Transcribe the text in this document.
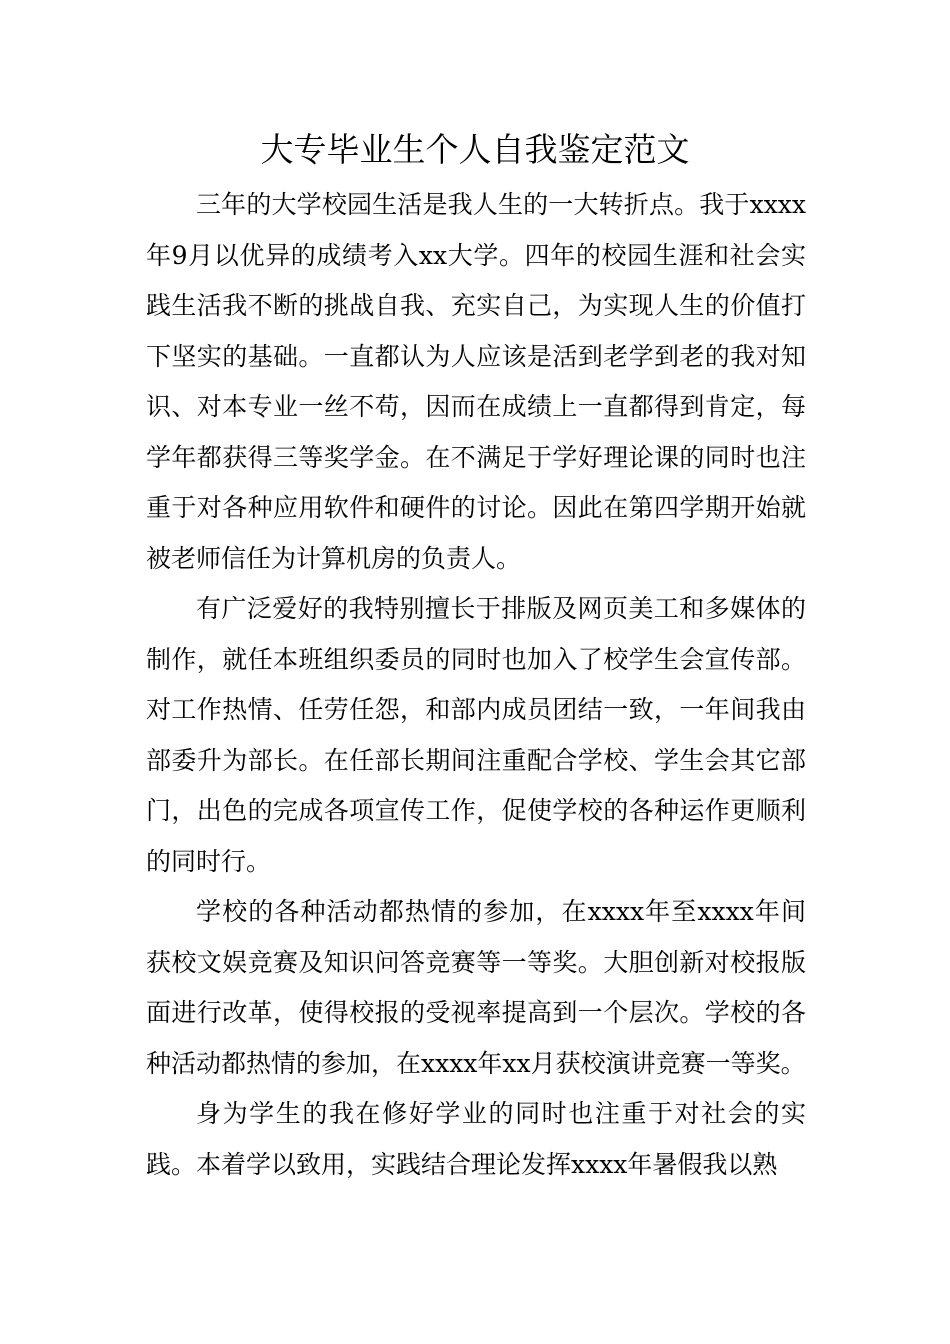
大专毕业生个人自我鉴定范文

三年的大学校园生活是我人生的一大转折点。我于xxxx年9月以优异的成绩考入xx大学。四年的校园生涯和社会实践生活我不断的挑战自我、充实自己，为实现人生的价值打下坚实的基础。一直都认为人应该是活到老学到老的我对知识、对本专业一丝不苟，因而在成绩上一直都得到肯定，每学年都获得三等奖学金。在不满足于学好理论课的同时也注重于对各种应用软件和硬件的讨论。因此在第四学期开始就被老师信任为计算机房的负责人。

有广泛爱好的我特别擅长于排版及网页美工和多媒体的制作，就任本班组织委员的同时也加入了校学生会宣传部。对工作热情、任劳任怨，和部内成员团结一致，一年间我由部委升为部长。在任部长期间注重配合学校、学生会其它部门，出色的完成各项宣传工作，促使学校的各种运作更顺利的同时行。

学校的各种活动都热情的参加，在xxxx年至xxxx年间获校文娱竞赛及知识问答竞赛等一等奖。大胆创新对校报版面进行改革，使得校报的受视率提高到一个层次。学校的各种活动都热情的参加，在xxxx年xx月获校演讲竞赛一等奖。

身为学生的我在修好学业的同时也注重于对社会的实践。本着学以致用，实践结合理论发挥xxxx年暑假我以熟
